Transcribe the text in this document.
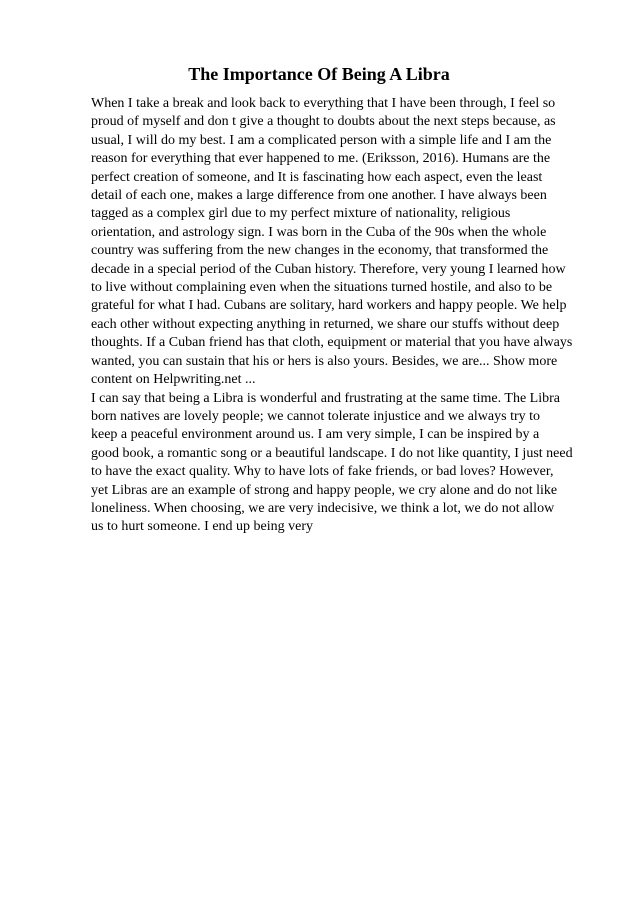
The Importance Of Being A Libra
When I take a break and look back to everything that I have been through, I feel so
proud of myself and don t give a thought to doubts about the next steps because, as
usual, I will do my best. I am a complicated person with a simple life and I am the
reason for everything that ever happened to me. (Eriksson, 2016). Humans are the
perfect creation of someone, and It is fascinating how each aspect, even the least
detail of each one, makes a large difference from one another. I have always been
tagged as a complex girl due to my perfect mixture of nationality, religious
orientation, and astrology sign. I was born in the Cuba of the 90s when the whole
country was suffering from the new changes in the economy, that transformed the
decade in a special period of the Cuban history. Therefore, very young I learned how
to live without complaining even when the situations turned hostile, and also to be
grateful for what I had. Cubans are solitary, hard workers and happy people. We help
each other without expecting anything in returned, we share our stuffs without deep
thoughts. If a Cuban friend has that cloth, equipment or material that you have always
wanted, you can sustain that his or hers is also yours. Besides, we are... Show more
content on Helpwriting.net ...
I can say that being a Libra is wonderful and frustrating at the same time. The Libra
born natives are lovely people; we cannot tolerate injustice and we always try to
keep a peaceful environment around us. I am very simple, I can be inspired by a
good book, a romantic song or a beautiful landscape. I do not like quantity, I just need
to have the exact quality. Why to have lots of fake friends, or bad loves? However,
yet Libras are an example of strong and happy people, we cry alone and do not like
loneliness. When choosing, we are very indecisive, we think a lot, we do not allow
us to hurt someone. I end up being very
